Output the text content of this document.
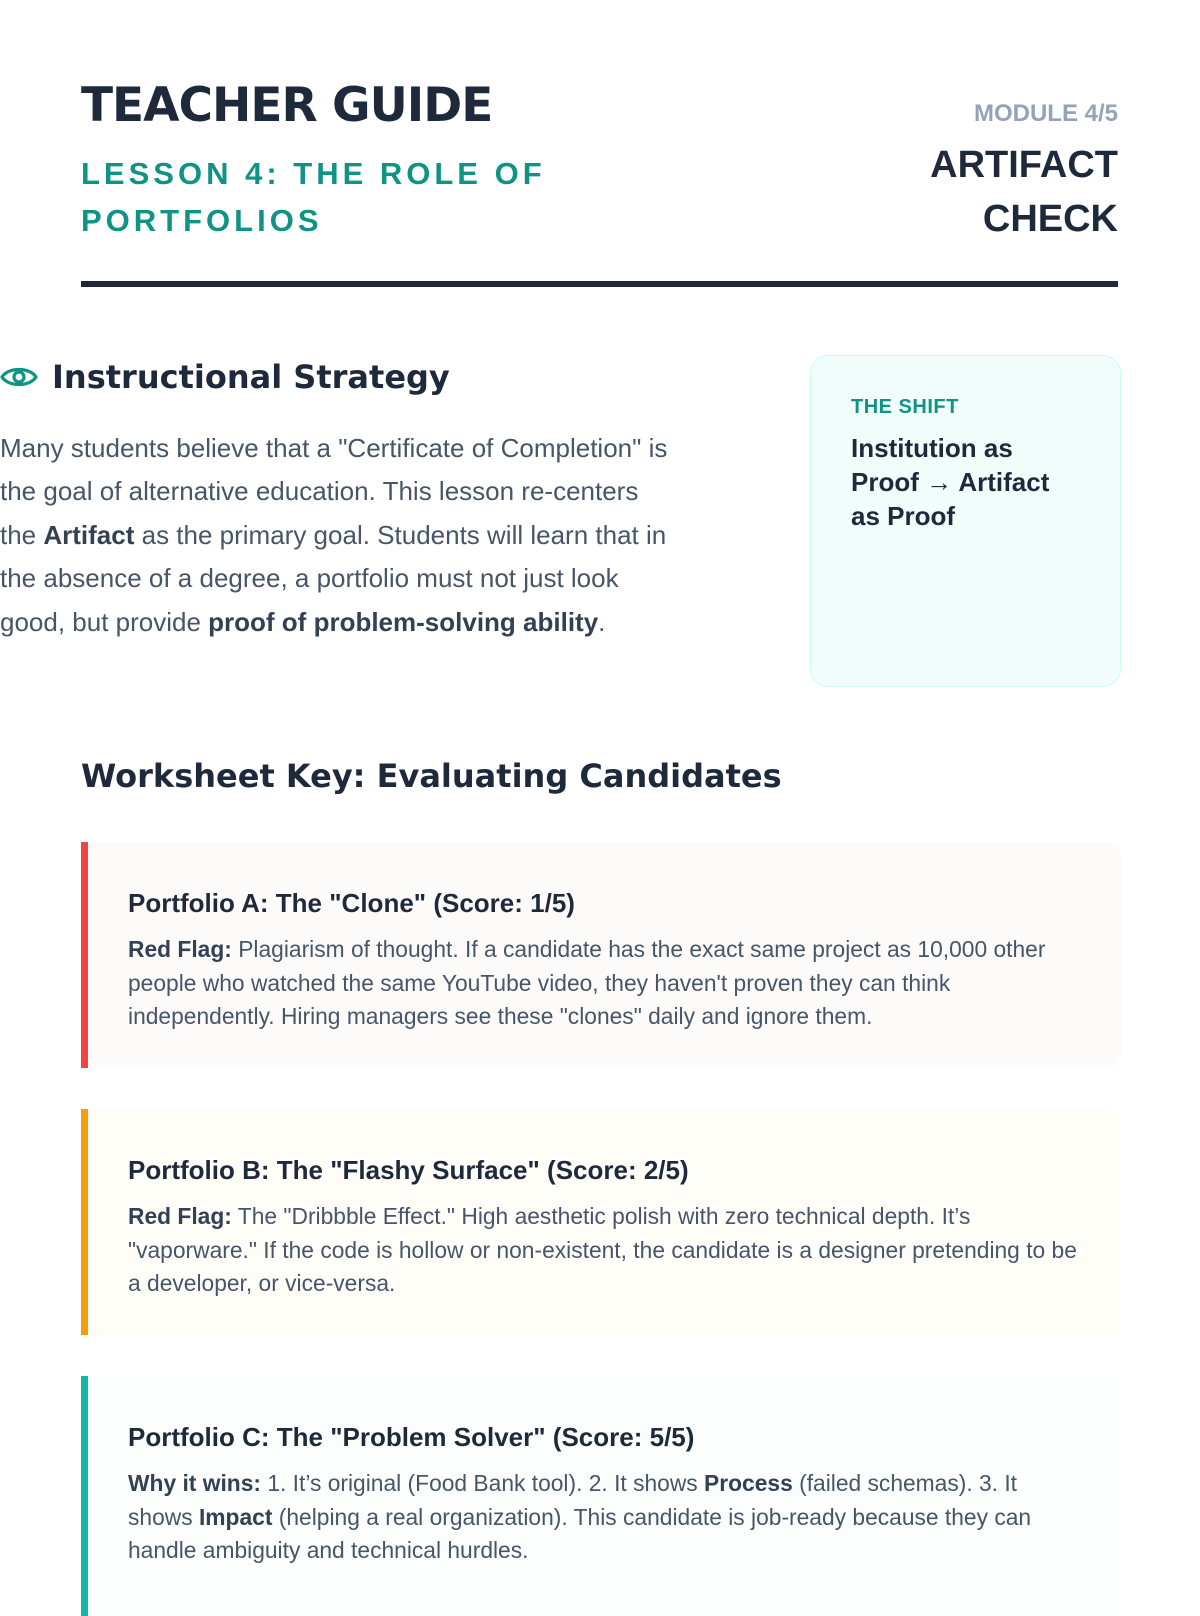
TEACHER GUIDE
LESSON 4: THE ROLE OF PORTFOLIOS
MODULE 4/5
ARTIFACT CHECK
Instructional Strategy

Many students believe that a "Certificate of Completion" is the goal of alternative education. This lesson re-centers the Artifact as the primary goal. Students will learn that in the absence of a degree, a portfolio must not just look good, but provide proof of problem-solving ability.

THE SHIFT

Institution as Proof → Artifact as Proof

Worksheet Key: Evaluating Candidates
Portfolio A: The "Clone" (Score: 1/5)

Red Flag: Plagiarism of thought. If a candidate has the exact same project as 10,000 other people who watched the same YouTube video, they haven't proven they can think independently. Hiring managers see these "clones" daily and ignore them.

Portfolio B: The "Flashy Surface" (Score: 2/5)

Red Flag: The "Dribbble Effect." High aesthetic polish with zero technical depth. It’s "vaporware." If the code is hollow or non-existent, the candidate is a designer pretending to be a developer, or vice-versa.

Portfolio C: The "Problem Solver" (Score: 5/5)

Why it wins: 1. It’s original (Food Bank tool). 2. It shows Process (failed schemas). 3. It shows Impact (helping a real organization). This candidate is job-ready because they can handle ambiguity and technical hurdles.
